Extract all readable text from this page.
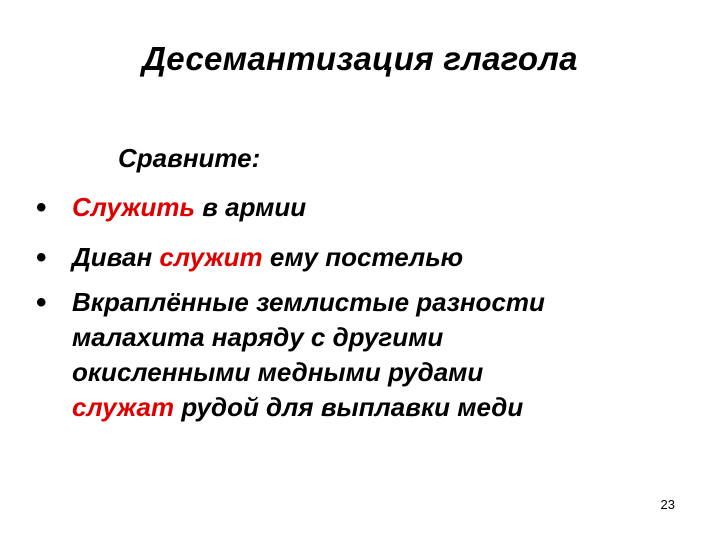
Десемантизация глагола
Сравните:
• Служить в армии
• Диван служит ему постелью
• Вкраплённые землистые разности
малахита наряду с другими
окисленными медными рудами
служат рудой для выплавки меди
23
